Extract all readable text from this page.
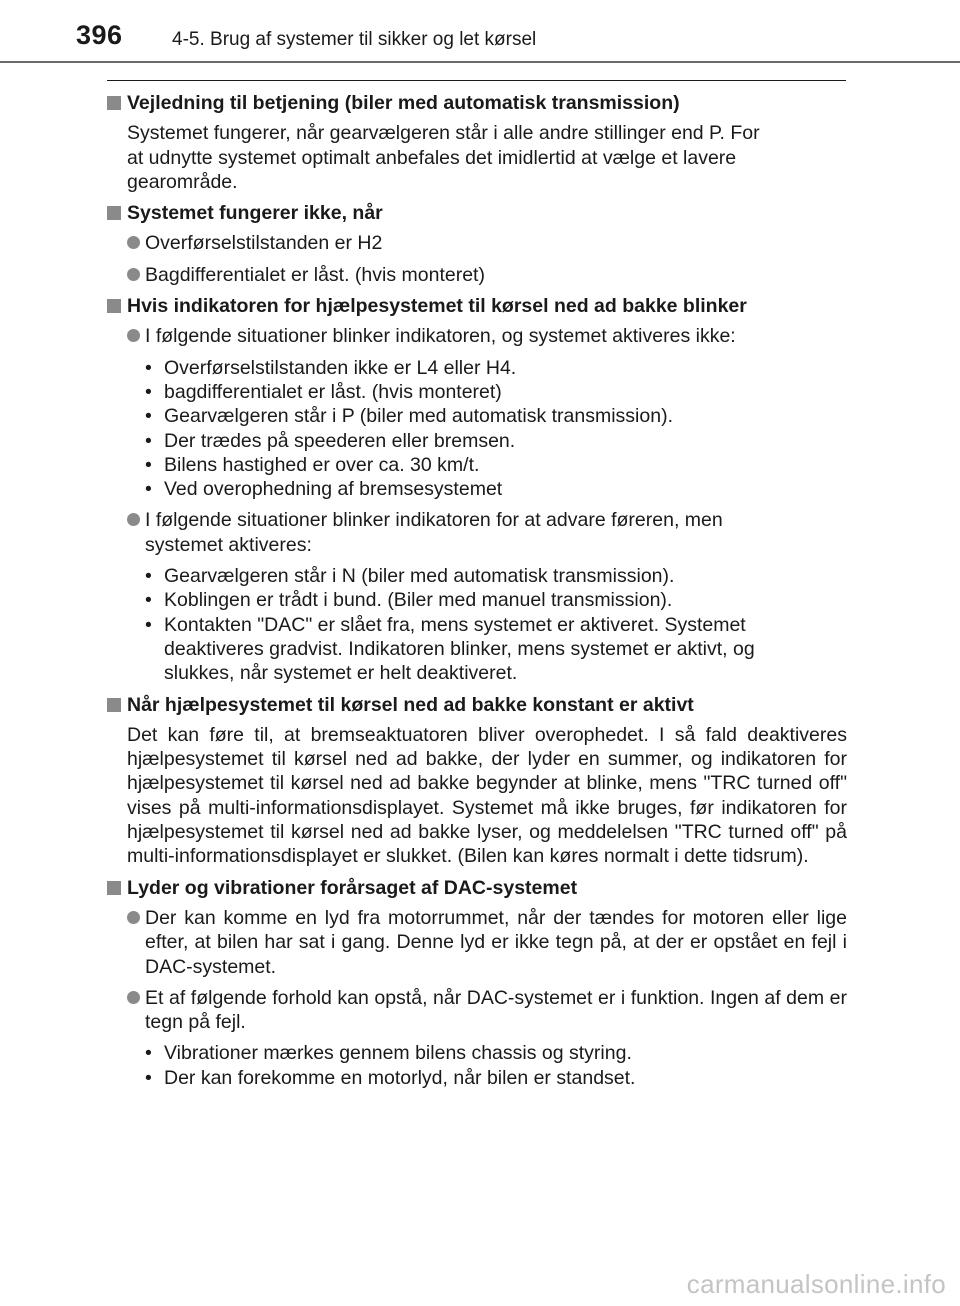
396	4-5. Brug af systemer til sikker og let kørsel
Vejledning til betjening (biler med automatisk transmission)
Systemet fungerer, når gearvælgeren står i alle andre stillinger end P. For at udnytte systemet optimalt anbefales det imidlertid at vælge et lavere gearområde.
Systemet fungerer ikke, når
Overførselstilstanden er H2
Bagdifferentialet er låst. (hvis monteret)
Hvis indikatoren for hjælpesystemet til kørsel ned ad bakke blinker
I følgende situationer blinker indikatoren, og systemet aktiveres ikke:
• Overførselstilstanden ikke er L4 eller H4.
• bagdifferentialet er låst. (hvis monteret)
• Gearvælgeren står i P (biler med automatisk transmission).
• Der trædes på speederen eller bremsen.
• Bilens hastighed er over ca. 30 km/t.
• Ved overophedning af bremsesystemet
I følgende situationer blinker indikatoren for at advare føreren, men systemet aktiveres:
• Gearvælgeren står i N (biler med automatisk transmission).
• Koblingen er trådt i bund. (Biler med manuel transmission).
• Kontakten "DAC" er slået fra, mens systemet er aktiveret. Systemet deaktiveres gradvist. Indikatoren blinker, mens systemet er aktivt, og slukkes, når systemet er helt deaktiveret.
Når hjælpesystemet til kørsel ned ad bakke konstant er aktivt
Det kan føre til, at bremseaktuatoren bliver overophedet. I så fald deaktiveres hjælpesystemet til kørsel ned ad bakke, der lyder en summer, og indikatoren for hjælpesystemet til kørsel ned ad bakke begynder at blinke, mens "TRC turned off" vises på multi-informationsdisplayet. Systemet må ikke bruges, før indikatoren for hjælpesystemet til kørsel ned ad bakke lyser, og meddelelsen "TRC turned off" på multi-informationsdisplayet er slukket. (Bilen kan køres normalt i dette tidsrum).
Lyder og vibrationer forårsaget af DAC-systemet
Der kan komme en lyd fra motorrummet, når der tændes for motoren eller lige efter, at bilen har sat i gang. Denne lyd er ikke tegn på, at der er opstået en fejl i DAC-systemet.
Et af følgende forhold kan opstå, når DAC-systemet er i funktion. Ingen af dem er tegn på fejl.
• Vibrationer mærkes gennem bilens chassis og styring.
• Der kan forekomme en motorlyd, når bilen er standset.
carmanualsonline.info
